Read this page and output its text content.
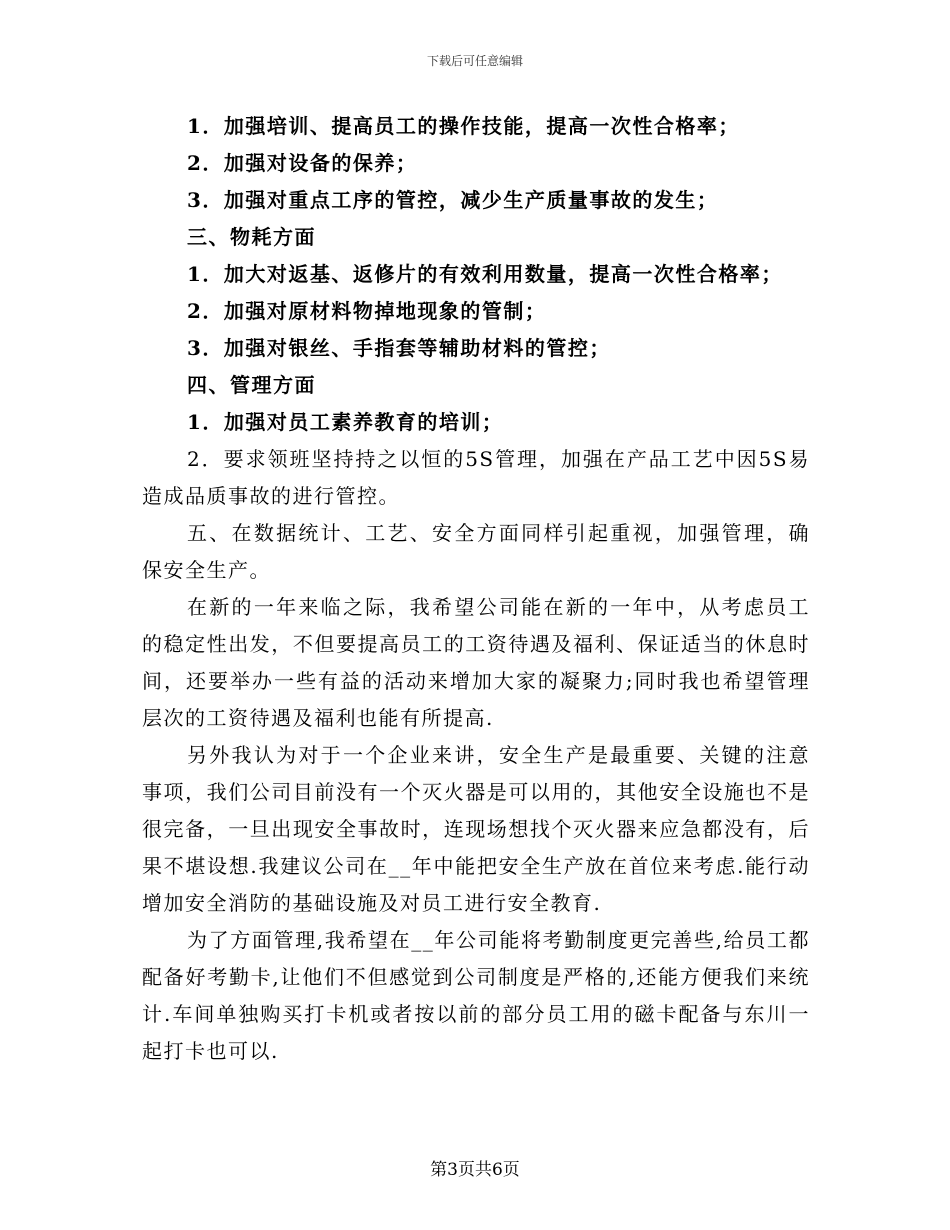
下载后可任意编辑
1．加强培训、提高员工的操作技能，提高一次性合格率；
2．加强对设备的保养；
3．加强对重点工序的管控，减少生产质量事故的发生；
三、物耗方面
1．加大对返基、返修片的有效利用数量，提高一次性合格率；
2．加强对原材料物掉地现象的管制；
3．加强对银丝、手指套等辅助材料的管控；
四、管理方面
1．加强对员工素养教育的培训；

2．要求领班坚持持之以恒的5S管理，加强在产品工艺中因5S易造成品质事故的进行管控。

五、在数据统计、工艺、安全方面同样引起重视，加强管理，确保安全生产。

在新的一年来临之际，我希望公司能在新的一年中，从考虑员工的稳定性出发，不但要提高员工的工资待遇及福利、保证适当的休息时间，还要举办一些有益的活动来增加大家的凝聚力;同时我也希望管理层次的工资待遇及福利也能有所提高.

另外我认为对于一个企业来讲，安全生产是最重要、关键的注意事项，我们公司目前没有一个灭火器是可以用的，其他安全设施也不是很完备，一旦出现安全事故时，连现场想找个灭火器来应急都没有，后果不堪设想.我建议公司在__年中能把安全生产放在首位来考虑.能行动增加安全消防的基础设施及对员工进行安全教育.

为了方面管理,我希望在__年公司能将考勤制度更完善些,给员工都配备好考勤卡,让他们不但感觉到公司制度是严格的,还能方便我们来统计.车间单独购买打卡机或者按以前的部分员工用的磁卡配备与东川一起打卡也可以.

第3页共6页
